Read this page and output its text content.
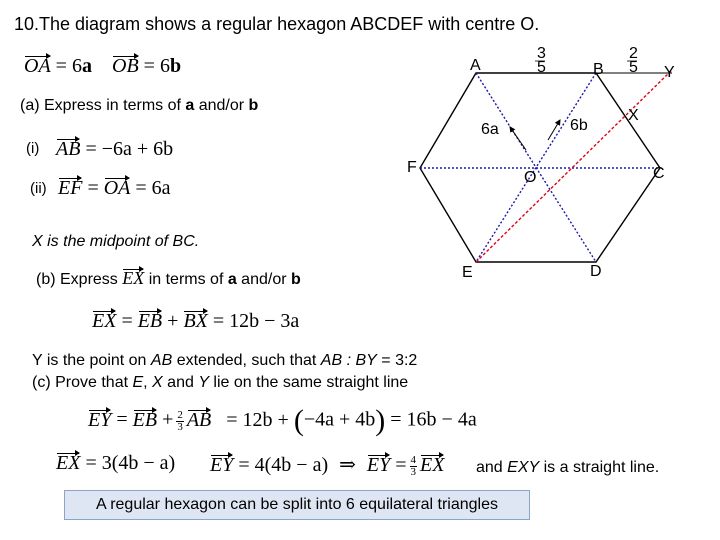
10.The diagram shows a regular hexagon ABCDEF with centre O.
OA = 6a OB = 6b
(a) Express in terms of a and/or b
(i) AB = −6a + 6b
(ii) EF = OA = 6a
X is the midpoint of BC.
(b) Express EX in terms of a and/or b
EX = EB + BX = 12b − 3a
Y is the point on AB extended, such that AB : BY = 3:2
(c) Prove that E, X and Y lie on the same straight line
EY = EB + $\frac{2}{3}$ AB = 12b + (−4a + 4b) = 16b − 4a
EX = 3(4b − a) EY = 4(4b − a) ⇒ EY = $\frac{4}{3}$ EX and EXY is a straight line.
A regular hexagon can be split into 6 equilateral triangles
6a	6b
A	B
C
D
E
F
O
X
Y
3
5
2
5
